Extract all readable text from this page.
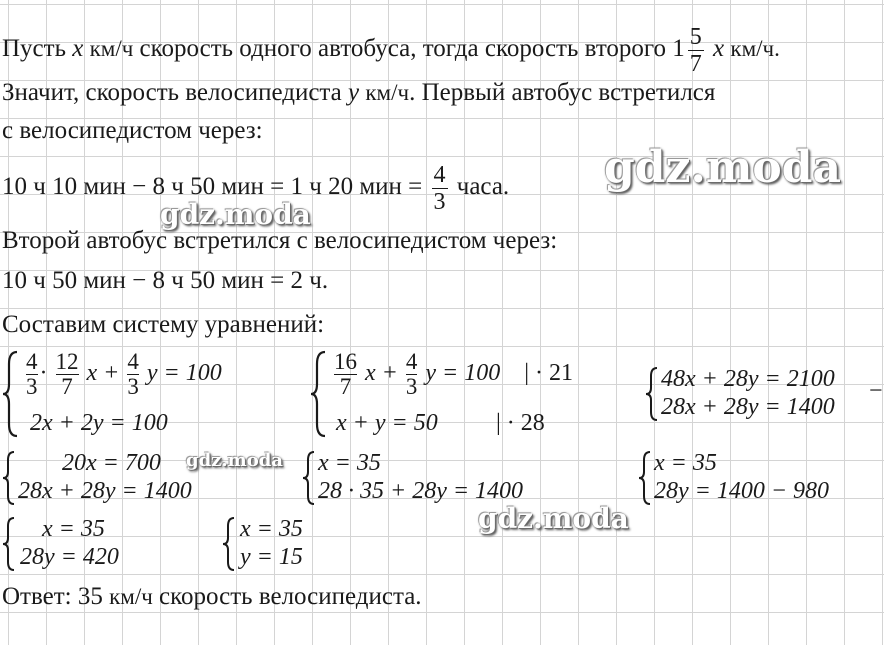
Пусть x км/ч скорость одного автобуса, тогда скорость второго $1 \frac{5}{7}$ x км/ч.
Значит, скорость велосипедиста y км/ч. Первый автобус встретился
с велосипедистом через:
10 ч 10 мин − 8 ч 50 мин = 1 ч 20 мин = $\frac{4}{3}$ часа.
Второй автобус встретился с велосипедистом через:
10 ч 50 мин − 8 ч 50 мин = 2 ч.
Составим систему уравнений:
$\frac{4}{3} \cdot \frac{12}{7}$ $x + \frac{4}{3}$ y = 100
2x + 2y = 100
$\frac{16}{7}$ $x + \frac{4}{3}$ y = 100 | · 21
x + y = 50 | · 28
48x + 28y = 2100
28x + 28y = 1400
−
20x = 700
28x + 28y = 1400
x = 35
28 · 35 + 28y = 1400
x = 35
28y = 1400 − 980
x = 35
28y = 420
x = 35
y = 15
Ответ: 35 км/ч скорость велосипедиста.
gdz.moda
gdz.moda
gdz.moda
gdz.moda
